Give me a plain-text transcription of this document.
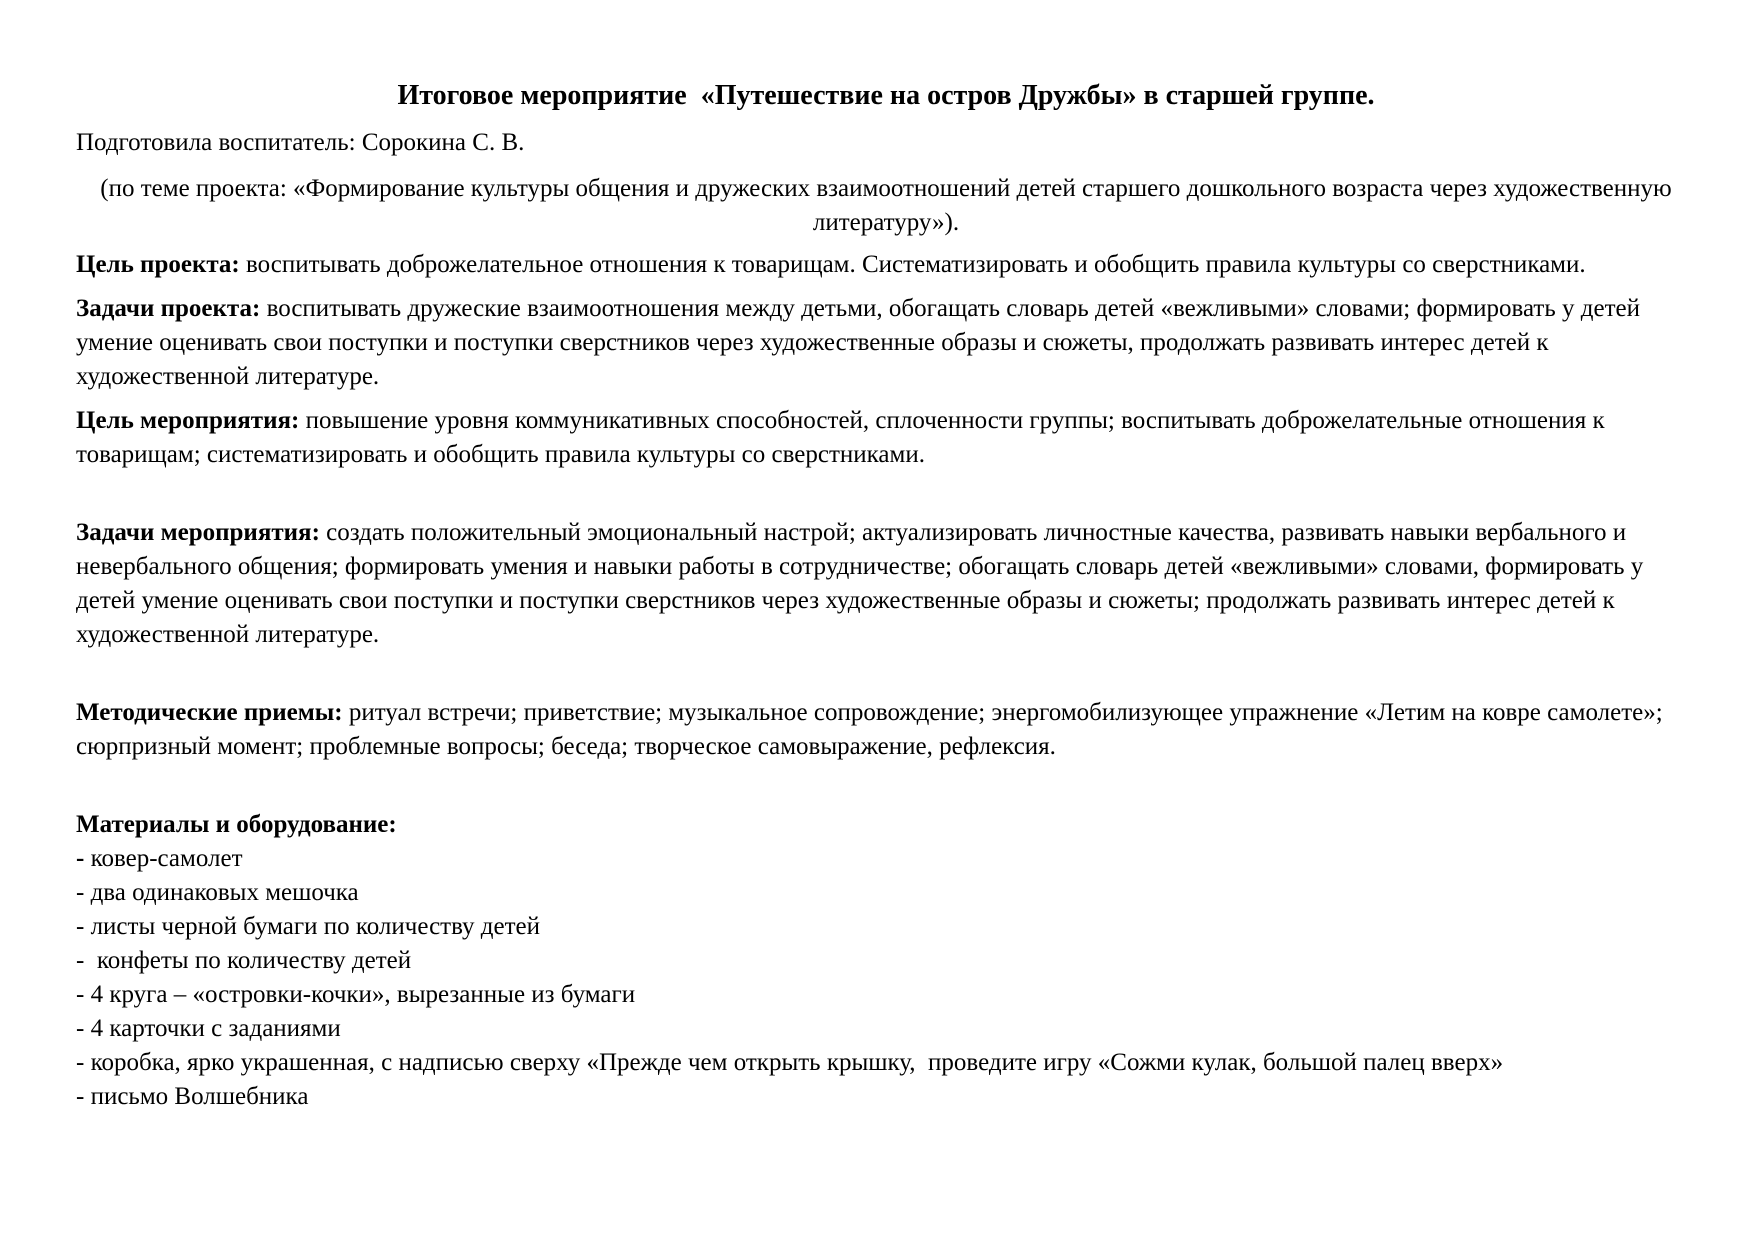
Итоговое мероприятие  «Путешествие на остров Дружбы» в старшей группе.
Подготовила воспитатель: Сорокина С. В.
(по теме проекта: «Формирование культуры общения и дружеских взаимоотношений детей старшего дошкольного возраста через художественную литературу»).
Цель проекта: воспитывать доброжелательное отношения к товарищам. Систематизировать и обобщить правила культуры со сверстниками.
Задачи проекта: воспитывать дружеские взаимоотношения между детьми, обогащать словарь детей «вежливыми» словами; формировать у детей умение оценивать свои поступки и поступки сверстников через художественные образы и сюжеты, продолжать развивать интерес детей к художественной литературе.
Цель мероприятия: повышение уровня коммуникативных способностей, сплоченности группы; воспитывать доброжелательные отношения к товарищам; систематизировать и обобщить правила культуры со сверстниками.
Задачи мероприятия: создать положительный эмоциональный настрой; актуализировать личностные качества, развивать навыки вербального и невербального общения; формировать умения и навыки работы в сотрудничестве; обогащать словарь детей «вежливыми» словами, формировать у детей умение оценивать свои поступки и поступки сверстников через художественные образы и сюжеты; продолжать развивать интерес детей к художественной литературе.
Методические приемы: ритуал встречи; приветствие; музыкальное сопровождение; энергомобилизующее упражнение «Летим на ковре самолете»; сюрпризный момент; проблемные вопросы; беседа; творческое самовыражение, рефлексия.
Материалы и оборудование:
- ковер-самолет
- два одинаковых мешочка
- листы черной бумаги по количеству детей
-  конфеты по количеству детей
- 4 круга – «островки-кочки», вырезанные из бумаги
- 4 карточки с заданиями
- коробка, ярко украшенная, с надписью сверху «Прежде чем открыть крышку,  проведите игру «Сожми кулак, большой палец вверх»
- письмо Волшебника
